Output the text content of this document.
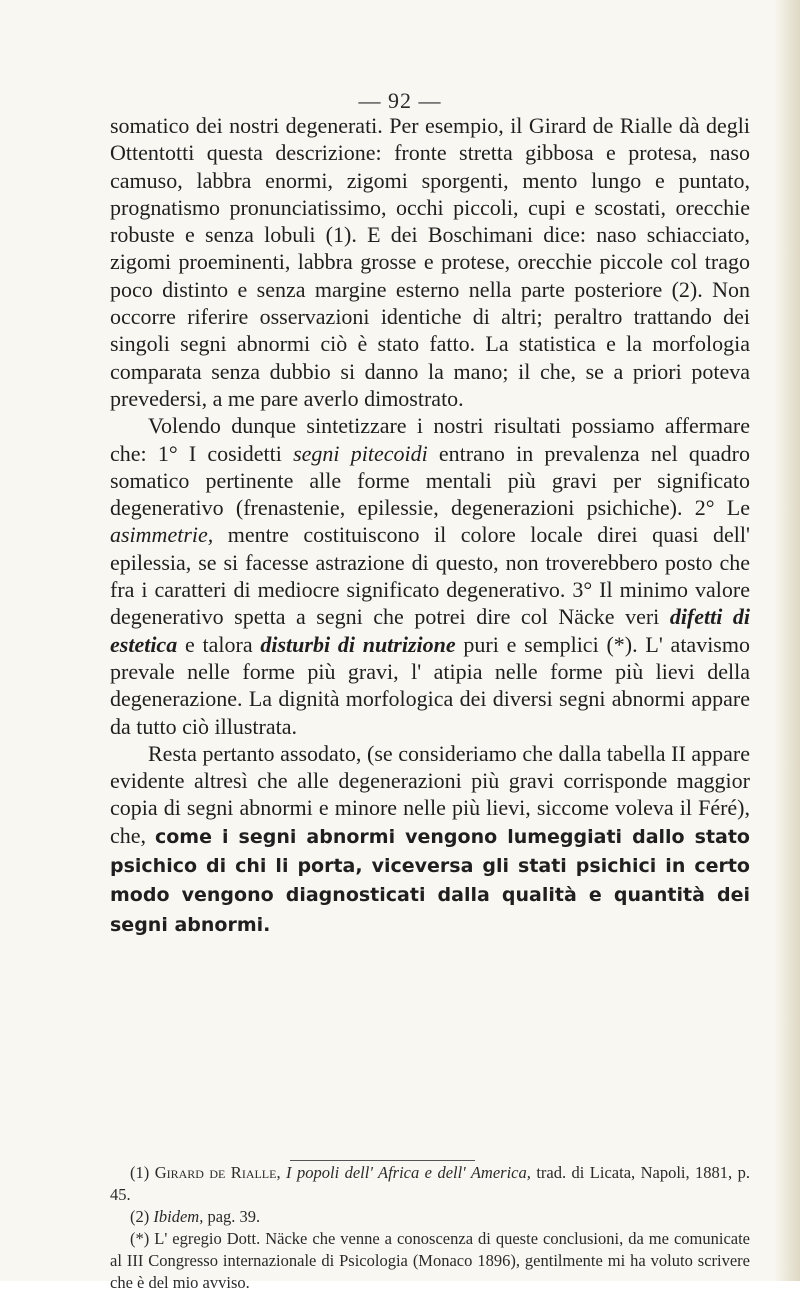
— 92 —

somatico dei nostri degenerati. Per esempio, il Girard de Rialle dà degli Ottentotti questa descrizione: fronte stretta gibbosa e protesa, naso camuso, labbra enormi, zigomi sporgenti, mento lungo e puntato, prognatismo pronunciatissimo, occhi piccoli, cupi e scostati, orecchie robuste e senza lobuli (1). E dei Boschimani dice: naso schiacciato, zigomi proeminenti, labbra grosse e protese, orecchie piccole col trago poco distinto e senza margine esterno nella parte posteriore (2). Non occorre riferire osservazioni identiche di altri; peraltro trattando dei singoli segni abnormi ciò è stato fatto. La statistica e la morfologia comparata senza dubbio si danno la mano; il che, se a priori poteva prevedersi, a me pare averlo dimostrato.

Volendo dunque sintetizzare i nostri risultati possiamo affermare che: 1° I cosidetti segni pitecoidi entrano in prevalenza nel quadro somatico pertinente alle forme mentali più gravi per significato degenerativo (frenastenie, epilessie, degenerazioni psichiche). 2° Le asimmetrie, mentre costituiscono il colore locale direi quasi dell' epilessia, se si facesse astrazione di questo, non troverebbero posto che fra i caratteri di mediocre significato degenerativo. 3° Il minimo valore degenerativo spetta a segni che potrei dire col Näcke veri difetti di estetica e talora disturbi di nutrizione puri e semplici (*). L' atavismo prevale nelle forme più gravi, l' atipia nelle forme più lievi della degenerazione. La dignità morfologica dei diversi segni abnormi appare da tutto ciò illustrata.

Resta pertanto assodato, (se consideriamo che dalla tabella II appare evidente altresì che alle degenerazioni più gravi corrisponde maggior copia di segni abnormi e minore nelle più lievi, siccome voleva il Féré), che, come i segni abnormi vengono lumeggiati dallo stato psichico di chi li porta, viceversa gli stati psichici in certo modo vengono diagnosticati dalla qualità e quantità dei segni abnormi.

(1) Girard de Rialle, I popoli dell' Africa e dell' America, trad. di Licata, Napoli, 1881, p. 45.

(2) Ibidem, pag. 39.

(*) L' egregio Dott. Näcke che venne a conoscenza di queste conclusioni, da me comunicate al III Congresso internazionale di Psicologia (Monaco 1896), gentilmente mi ha voluto scrivere che è del mio avviso.
